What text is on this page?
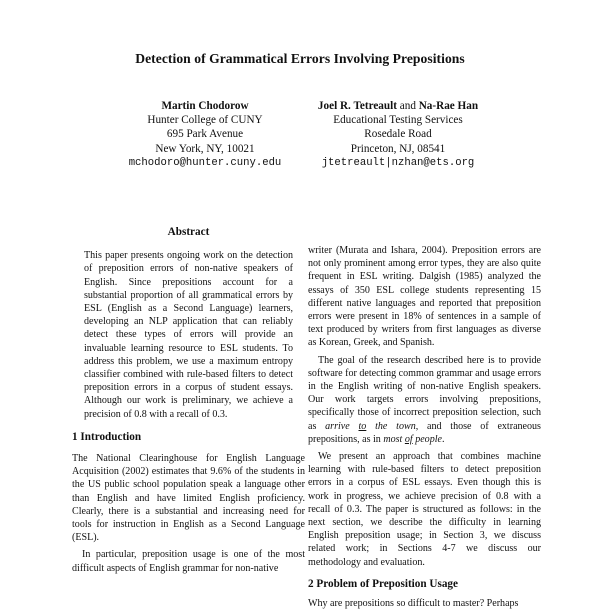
Detection of Grammatical Errors Involving Prepositions
Martin Chodorow
Hunter College of CUNY
695 Park Avenue
New York, NY, 10021
mchodoro@hunter.cuny.edu
Joel R. Tetreault and Na-Rae Han
Educational Testing Services
Rosedale Road
Princeton, NJ, 08541
jtetreault|nzhan@ets.org
Abstract
This paper presents ongoing work on the detection of preposition errors of non-native speakers of English. Since prepositions account for a substantial proportion of all grammatical errors by ESL (English as a Second Language) learners, developing an NLP application that can reliably detect these types of errors will provide an invaluable learning resource to ESL students. To address this problem, we use a maximum entropy classifier combined with rule-based filters to detect preposition errors in a corpus of student essays. Although our work is preliminary, we achieve a precision of 0.8 with a recall of 0.3.
1 Introduction

The National Clearinghouse for English Language Acquisition (2002) estimates that 9.6% of the students in the US public school population speak a language other than English and have limited English proficiency. Clearly, there is a substantial and increasing need for tools for instruction in English as a Second Language (ESL).

In particular, preposition usage is one of the most difficult aspects of English grammar for non-native

writer (Murata and Ishara, 2004). Preposition errors are not only prominent among error types, they are also quite frequent in ESL writing. Dalgish (1985) analyzed the essays of 350 ESL college students representing 15 different native languages and reported that preposition errors were present in 18% of sentences in a sample of text produced by writers from first languages as diverse as Korean, Greek, and Spanish.

The goal of the research described here is to provide software for detecting common grammar and usage errors in the English writing of non-native English speakers. Our work targets errors involving prepositions, specifically those of incorrect preposition selection, such as arrive to the town, and those of extraneous prepositions, as in most of people.

We present an approach that combines machine learning with rule-based filters to detect preposition errors in a corpus of ESL essays. Even though this is work in progress, we achieve precision of 0.8 with a recall of 0.3. The paper is structured as follows: in the next section, we describe the difficulty in learning English preposition usage; in Section 3, we discuss related work; in Sections 4-7 we discuss our methodology and evaluation.

2 Problem of Preposition Usage

Why are prepositions so difficult to master? Perhaps
